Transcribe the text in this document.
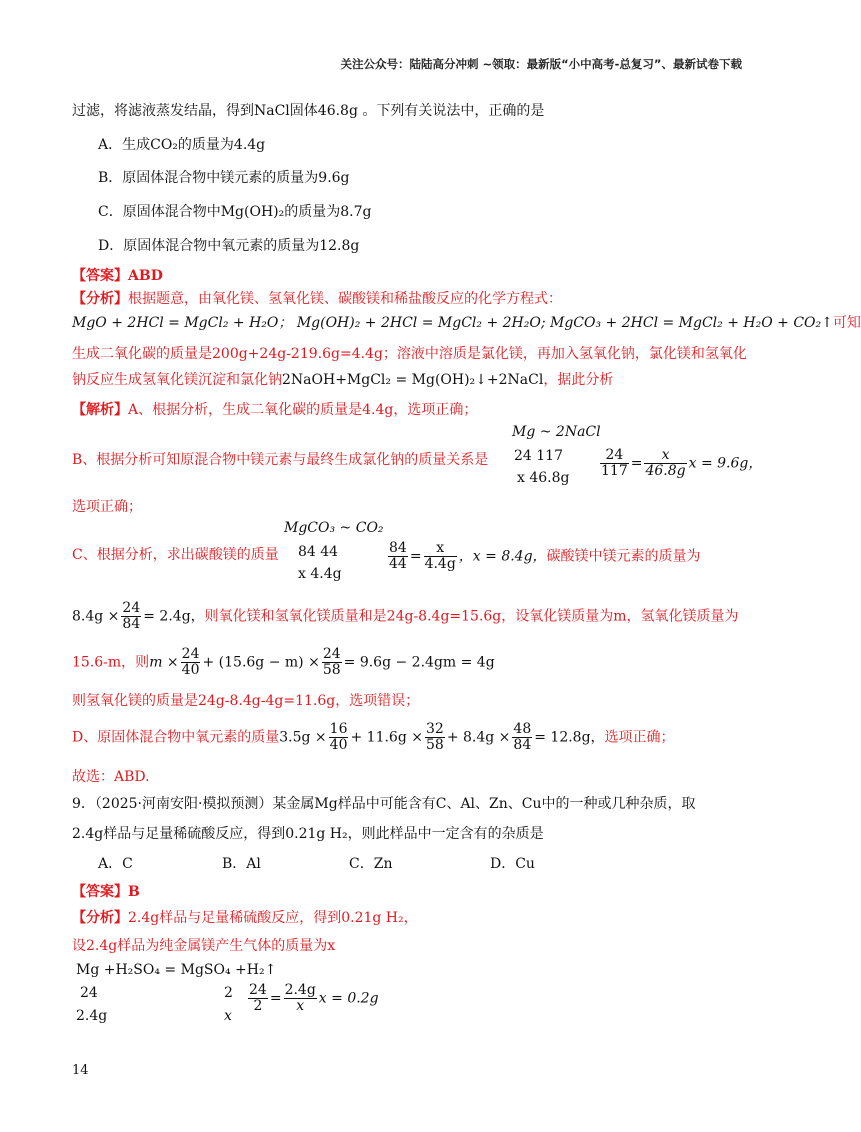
关注公众号：陆陆高分冲刺 ~领取：最新版“小中高考-总复习”、最新试卷下载
过滤，将滤液蒸发结晶，得到NaCl固体46.8g 。下列有关说法中，正确的是
A．生成CO₂的质量为4.4g
B．原固体混合物中镁元素的质量为9.6g
C．原固体混合物中Mg(OH)₂的质量为8.7g
D．原固体混合物中氧元素的质量为12.8g
【答案】ABD
【分析】根据题意，由氧化镁、氢氧化镁、碳酸镁和稀盐酸反应的化学方程式：
MgO + 2HCl = MgCl₂ + H₂O； Mg(OH)₂ + 2HCl = MgCl₂ + 2H₂O; MgCO₃ + 2HCl = MgCl₂ + H₂O + CO₂↑可知
生成二氧化碳的质量是200g+24g-219.6g=4.4g；溶液中溶质是氯化镁，再加入氢氧化钠，氯化镁和氢氧化
钠反应生成氢氧化镁沉淀和氯化钠2NaOH+MgCl₂ = Mg(OH)₂↓+2NaCl，据此分析
【解析】A、根据分析，生成二氧化碳的质量是4.4g，选项正确；
B、根据分析可知原混合物中镁元素与最终生成氯化钠的质量关系是
Mg ~ 2NaCl
24 117
x $46.8g \frac{24}{117} = \frac{x}{46.8g}$ x = 9.6g，
选项正确；
C、根据分析，求出碳酸镁的质量
MgCO₃ ~ CO₂
84 44
x 4.4g
$\frac{84}{44} = \frac{x}{4.4g}$ ，x = 8.4g，碳酸镁中镁元素的质量为
$8.4g \times \frac{24}{84} = 2.4g$，则氧化镁和氢氧化镁质量和是24g-8.4g=15.6g，设氧化镁质量为m，氢氧化镁质量为
15.6-m，则$m \times \frac{24}{40} + (15.6g - m) \times \frac{24}{58} = 9.6g - 2.4gm = 4g$
则氢氧化镁的质量是24g-8.4g-4g=11.6g，选项错误；
D、原固体混合物中氧元素的质量$3.5g \times \frac{16}{40} + 11.6g \times \frac{32}{58} + 8.4g \times \frac{48}{84} = 12.8g$，选项正确；
故选：ABD.
9．（2025·河南安阳·模拟预测）某金属Mg样品中可能含有C、Al、Zn、Cu中的一种或几种杂质，取
2.4g样品与足量稀硫酸反应，得到0.21g H₂，则此样品中一定含有的杂质是
A．C	B．Al	C．Zn	D．Cu
【答案】B
【分析】2.4g样品与足量稀硫酸反应，得到0.21g H₂，
设2.4g样品为纯金属镁产生气体的质量为x
Mg +H₂SO₄ = MgSO₄ +H₂↑
24	2
2.4g	x
$\frac{24}{2} = \frac{2.4g}{x}$ x = 0.2g
14
